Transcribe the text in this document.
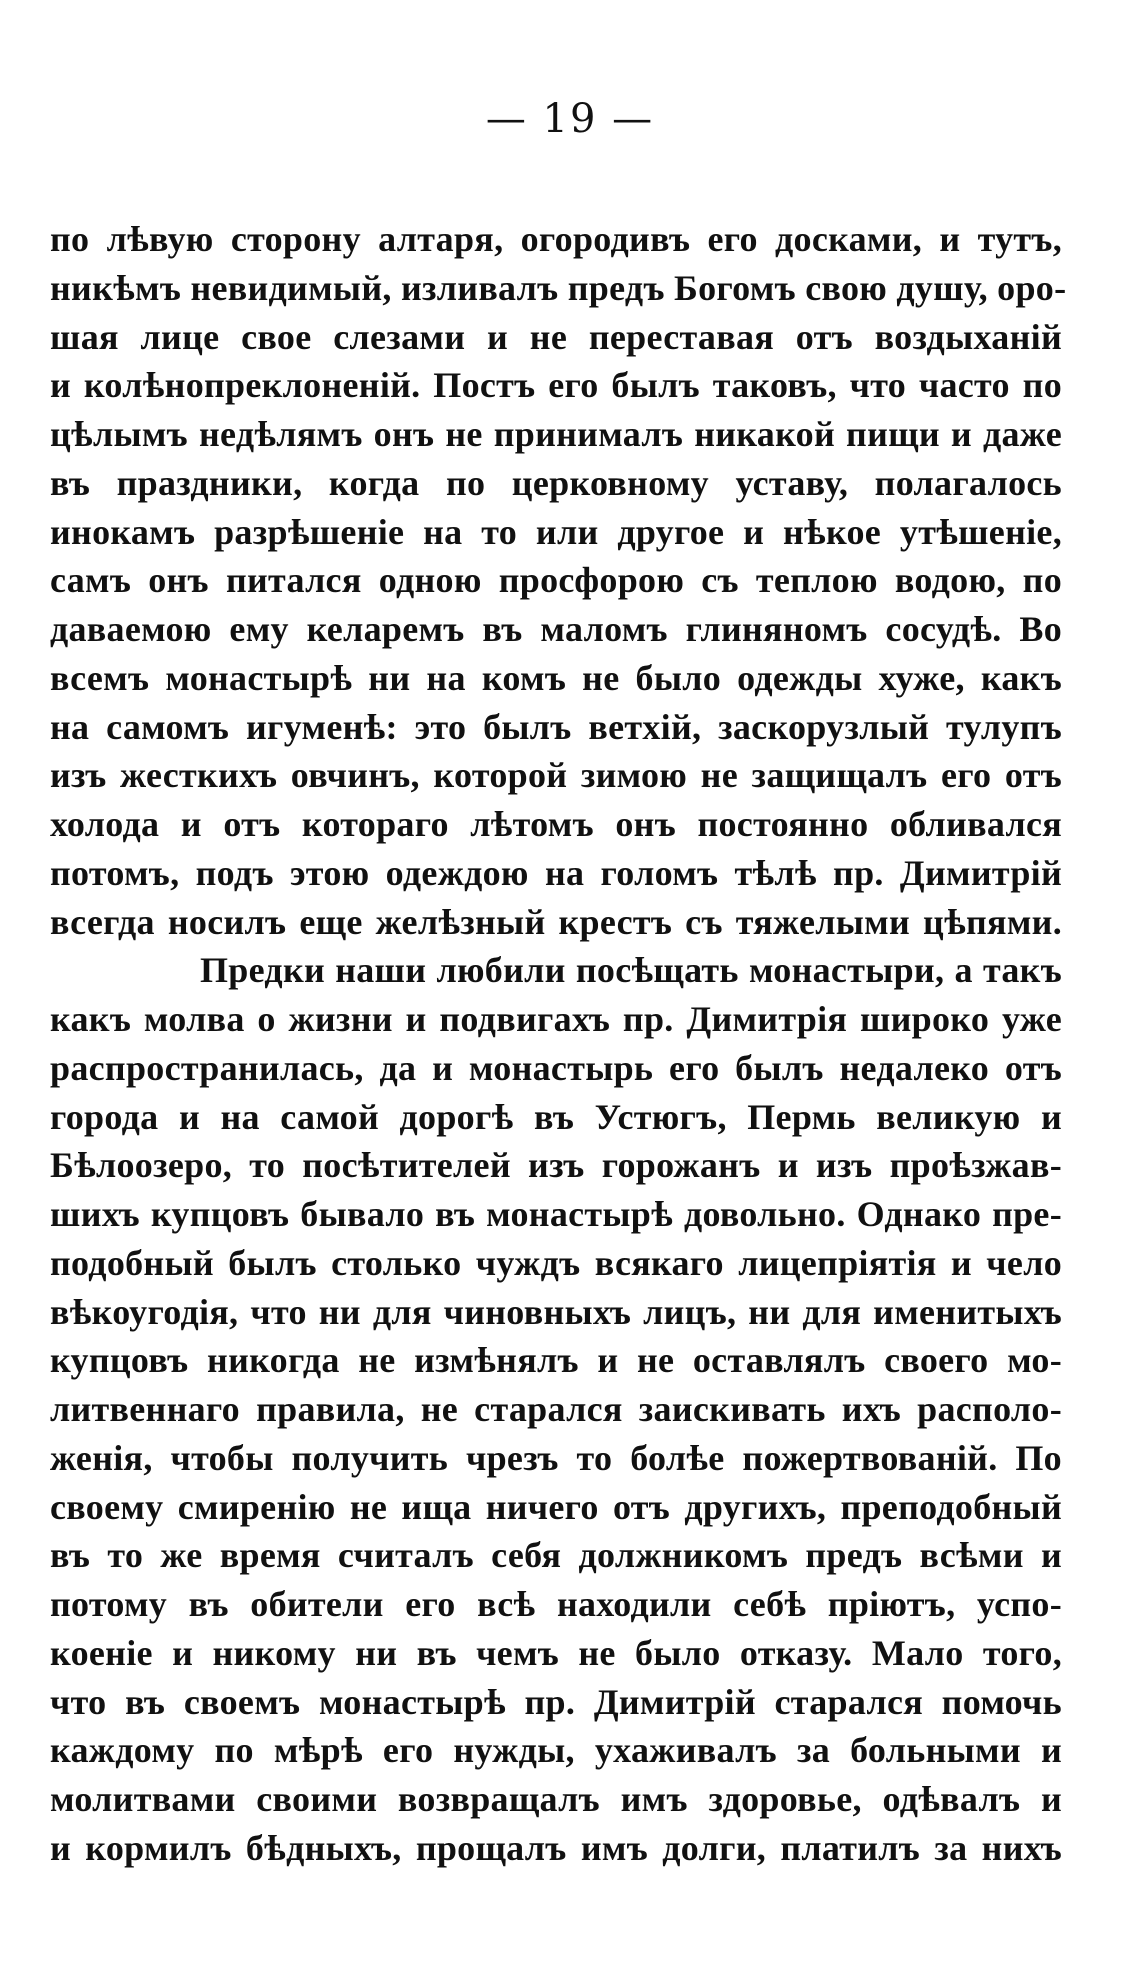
— 19 —
по лѣвую сторону алтаря, огородивъ его досками, и тутъ,
никѣмъ невидимый, изливалъ предъ Богомъ свою душу, оро-
шая лице свое слезами и не переставая отъ воздыханій
и колѣнопреклоненій. Постъ его былъ таковъ, что часто по
цѣлымъ недѣлямъ онъ не принималъ никакой пищи и даже
въ праздники, когда по церковному уставу, полагалось
инокамъ разрѣшеніе на то или другое и нѣкое утѣшеніе,
самъ онъ питался одною просфорою съ теплою водою, по
даваемою ему келаремъ въ маломъ глиняномъ сосудѣ. Во
всемъ монастырѣ ни на комъ не было одежды хуже, какъ
на самомъ игуменѣ: это былъ ветхій, заскорузлый тулупъ
изъ жесткихъ овчинъ, которой зимою не защищалъ его отъ
холода и отъ котораго лѣтомъ онъ постоянно обливался
потомъ, подъ этою одеждою на голомъ тѣлѣ пр. Димитрій
всегда носилъ еще желѣзный крестъ съ тяжелыми цѣпями.
Предки наши любили посѣщать монастыри, а такъ
какъ молва о жизни и подвигахъ пр. Димитрія широко уже
распространилась, да и монастырь его былъ недалеко отъ
города и на самой дорогѣ въ Устюгъ, Пермь великую и
Бѣлоозеро, то посѣтителей изъ горожанъ и изъ проѣзжав-
шихъ купцовъ бывало въ монастырѣ довольно. Однако пре-
подобный былъ столько чуждъ всякаго лицепріятія и чело
вѣкоугодія, что ни для чиновныхъ лицъ, ни для именитыхъ
купцовъ никогда не измѣнялъ и не оставлялъ своего мо-
литвеннаго правила, не старался заискивать ихъ располо-
женія, чтобы получить чрезъ то болѣе пожертвованій. По
своему смиренію не ища ничего отъ другихъ, преподобный
въ то же время считалъ себя должникомъ предъ всѣми и
потому въ обители его всѣ находили себѣ пріютъ, успо-
коеніе и никому ни въ чемъ не было отказу. Мало того,
что въ своемъ монастырѣ пр. Димитрій старался помочь
каждому по мѣрѣ его нужды, ухаживалъ за больными и
молитвами своими возвращалъ имъ здоровье, одѣвалъ и
и кормилъ бѣдныхъ, прощалъ имъ долги, платилъ за нихъ
